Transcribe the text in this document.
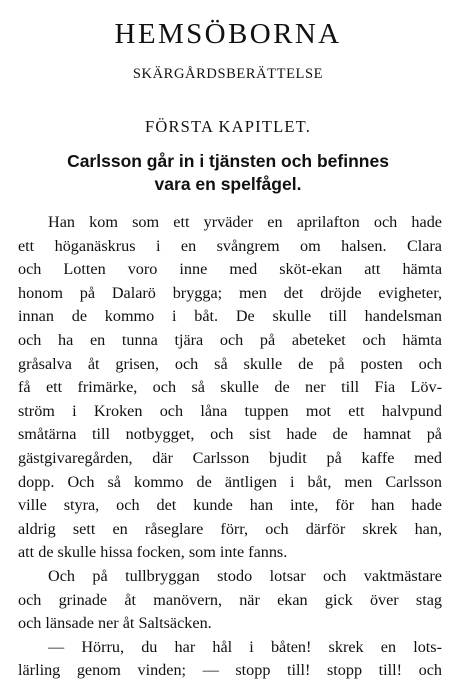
HEMSÖBORNA
SKÄRGÅRDSBERÄTTELSE
FÖRSTA KAPITLET.
Carlsson går in i tjänsten och befinnes
vara en spelfågel.
Han kom som ett yrväder en aprilafton och hade
ett höganäskrus i en svångrem om halsen. Clara
och Lotten voro inne med sköt-ekan att hämta
honom på Dalarö brygga; men det dröjde evigheter,
innan de kommo i båt. De skulle till handelsman
och ha en tunna tjära och på abeteket och hämta
gråsalva åt grisen, och så skulle de på posten och
få ett frimärke, och så skulle de ner till Fia Löv-
ström i Kroken och låna tuppen mot ett halvpund
småtärna till notbygget, och sist hade de hamnat på
gästgivaregården, där Carlsson bjudit på kaffe med
dopp. Och så kommo de äntligen i båt, men Carlsson
ville styra, och det kunde han inte, för han hade
aldrig sett en råseglare förr, och därför skrek han,
att de skulle hissa focken, som inte fanns.
Och på tullbryggan stodo lotsar och vaktmästare
och grinade åt manövern, när ekan gick över stag
och länsade ner åt Saltsäcken.
— Hörru, du har hål i båten! skrek en lots-
lärling genom vinden; — stopp till! stopp till! och
